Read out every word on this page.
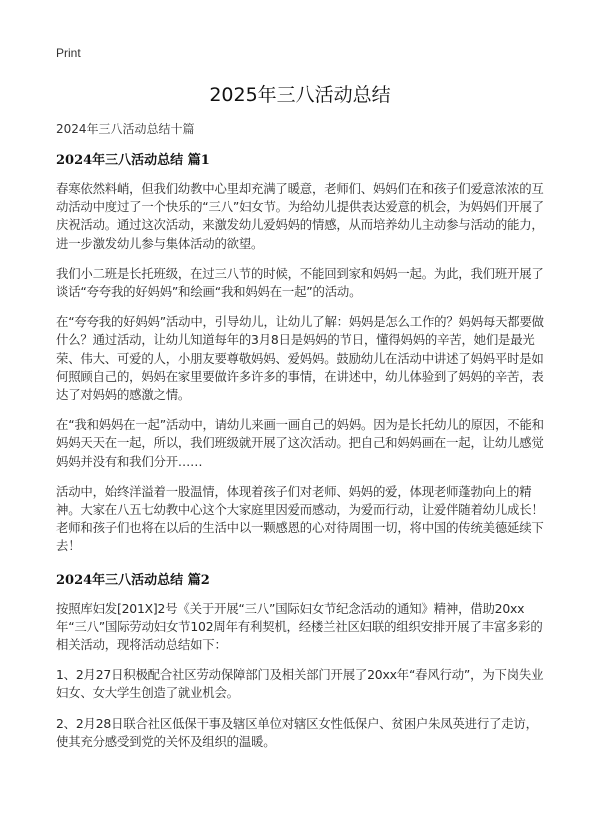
Print
2025年三八活动总结

2024年三八活动总结十篇

2024年三八活动总结 篇1

春寒依然料峭，但我们幼教中心里却充满了暖意，老师们、妈妈们在和孩子们爱意浓浓的互动活动中度过了一个快乐的“三八”妇女节。为给幼儿提供表达爱意的机会，为妈妈们开展了庆祝活动。通过这次活动，来激发幼儿爱妈妈的情感，从而培养幼儿主动参与活动的能力，进一步激发幼儿参与集体活动的欲望。

我们小二班是长托班级，在过三八节的时候，不能回到家和妈妈一起。为此，我们班开展了谈话“夸夸我的好妈妈”和绘画“我和妈妈在一起”的活动。

在“夸夸我的好妈妈”活动中，引导幼儿，让幼儿了解：妈妈是怎么工作的？妈妈每天都要做什么？通过活动，让幼儿知道每年的3月8日是妈妈的节日，懂得妈妈的辛苦，她们是最光荣、伟大、可爱的人，小朋友要尊敬妈妈、爱妈妈。鼓励幼儿在活动中讲述了妈妈平时是如何照顾自己的，妈妈在家里要做许多许多的事情，在讲述中，幼儿体验到了妈妈的辛苦，表达了对妈妈的感激之情。

在“我和妈妈在一起”活动中，请幼儿来画一画自己的妈妈。因为是长托幼儿的原因，不能和妈妈天天在一起，所以，我们班级就开展了这次活动。把自己和妈妈画在一起，让幼儿感觉妈妈并没有和我们分开……

活动中，始终洋溢着一股温情，体现着孩子们对老师、妈妈的爱，体现老师蓬勃向上的精神。大家在八五七幼教中心这个大家庭里因爱而感动，为爱而行动，让爱伴随着幼儿成长！老师和孩子们也将在以后的生活中以一颗感恩的心对待周围一切，将中国的传统美德延续下去！

2024年三八活动总结 篇2

按照库妇发[201X]2号《关于开展“三八”国际妇女节纪念活动的通知》精神，借助20xx年“三八”国际劳动妇女节102周年有利契机，经楼兰社区妇联的组织安排开展了丰富多彩的相关活动，现将活动总结如下：

1、2月27日积极配合社区劳动保障部门及相关部门开展了20xx年“春风行动”，为下岗失业妇女、女大学生创造了就业机会。

2、2月28日联合社区低保干事及辖区单位对辖区女性低保户、贫困户朱凤英进行了走访，使其充分感受到党的关怀及组织的温暖。
